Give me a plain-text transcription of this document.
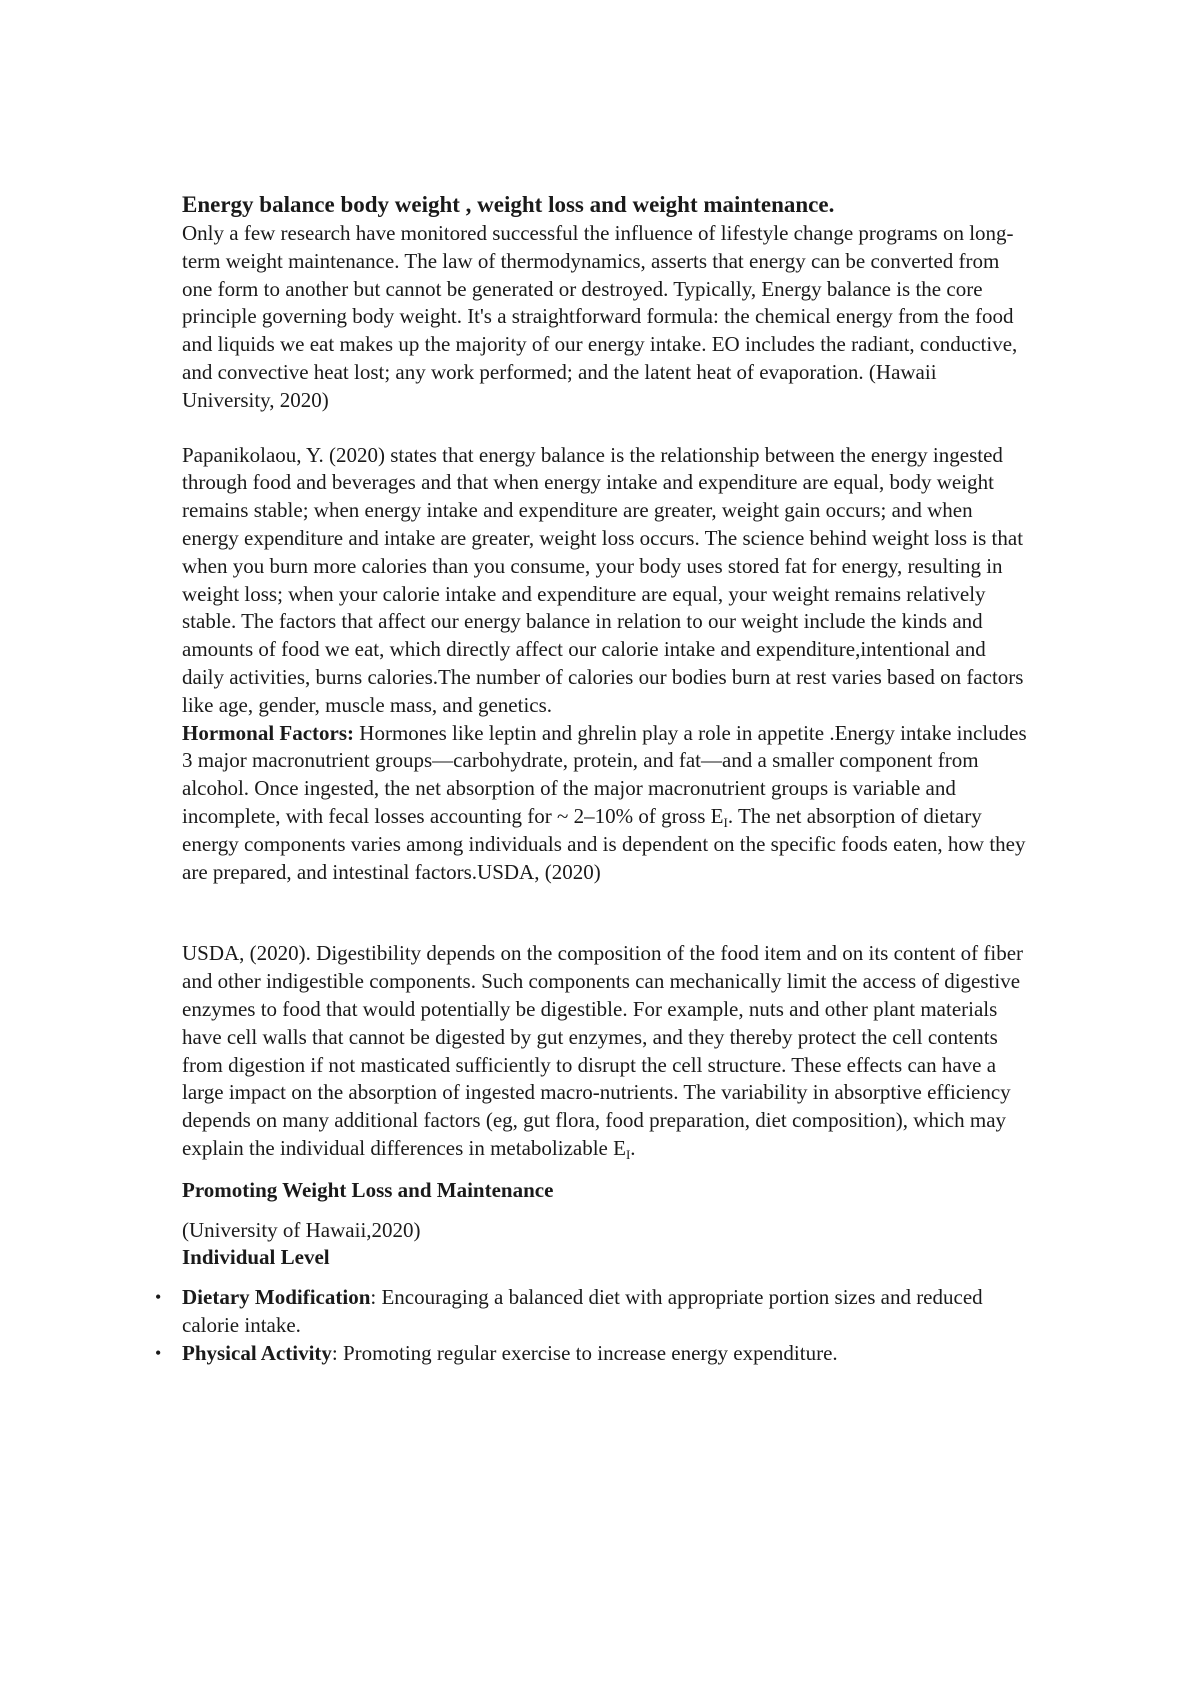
Energy balance body weight , weight loss and weight maintenance.

Only a few research have monitored successful the influence of lifestyle change programs on long-term weight maintenance. The law of thermodynamics, asserts that energy can be converted from one form to another but cannot be generated or destroyed. Typically, Energy balance is the core principle governing body weight. It's a straightforward formula: the chemical energy from the food and liquids we eat makes up the majority of our energy intake. EO includes the radiant, conductive, and convective heat lost; any work performed; and the latent heat of evaporation. (Hawaii University, 2020)

Papanikolaou, Y. (2020) states that energy balance is the relationship between the energy ingested through food and beverages and that when energy intake and expenditure are equal, body weight remains stable; when energy intake and expenditure are greater, weight gain occurs; and when energy expenditure and intake are greater, weight loss occurs. The science behind weight loss is that when you burn more calories than you consume, your body uses stored fat for energy, resulting in weight loss; when your calorie intake and expenditure are equal, your weight remains relatively stable. The factors that affect our energy balance in relation to our weight include the kinds and amounts of food we eat, which directly affect our calorie intake and expenditure,intentional and daily activities, burns calories.The number of calories our bodies burn at rest varies based on factors like age, gender, muscle mass, and genetics.

Hormonal Factors: Hormones like leptin and ghrelin play a role in appetite .Energy intake includes 3 major macronutrient groups—carbohydrate, protein, and fat—and a smaller component from alcohol. Once ingested, the net absorption of the major macronutrient groups is variable and incomplete, with fecal losses accounting for ~ 2–10% of gross $E_I$. The net absorption of dietary energy components varies among individuals and is dependent on the specific foods eaten, how they are prepared, and intestinal factors.USDA, (2020)

USDA, (2020). Digestibility depends on the composition of the food item and on its content of fiber and other indigestible components. Such components can mechanically limit the access of digestive enzymes to food that would potentially be digestible. For example, nuts and other plant materials have cell walls that cannot be digested by gut enzymes, and they thereby protect the cell contents from digestion if not masticated sufficiently to disrupt the cell structure. These effects can have a large impact on the absorption of ingested macro-nutrients. The variability in absorptive efficiency depends on many additional factors (eg, gut flora, food preparation, diet composition), which may explain the individual differences in metabolizable $E_I$.

Promoting Weight Loss and Maintenance

(University of Hawaii,2020)

Individual Level

• Dietary Modification: Encouraging a balanced diet with appropriate portion sizes and reduced calorie intake.
• Physical Activity: Promoting regular exercise to increase energy expenditure.
